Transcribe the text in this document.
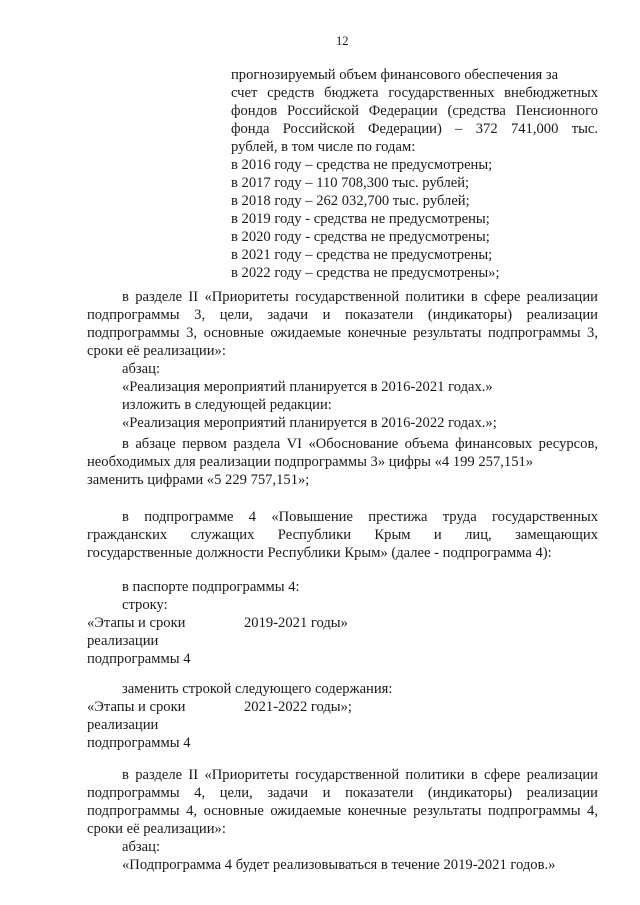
12
прогнозируемый объем финансового обеспечения за
счет средств бюджета государственных внебюджетных
фондов Российской Федерации (средства Пенсионного
фонда Российской Федерации) – 372 741,000 тыс.
рублей, в том числе по годам:
в 2016 году – средства не предусмотрены;
в 2017 году – 110 708,300 тыс. рублей;
в 2018 году – 262 032,700 тыс. рублей;
в 2019 году - средства не предусмотрены;
в 2020 году - средства не предусмотрены;
в 2021 году – средства не предусмотрены;
в 2022 году – средства не предусмотрены»;
в разделе II «Приоритеты государственной политики в сфере реализации
подпрограммы 3, цели, задачи и показатели (индикаторы) реализации
подпрограммы 3, основные ожидаемые конечные результаты подпрограммы 3,
сроки её реализации»:
абзац:
«Реализация мероприятий планируется в 2016-2021 годах.»
изложить в следующей редакции:
«Реализация мероприятий планируется в 2016-2022 годах.»;
в абзаце первом раздела VI «Обоснование объема финансовых ресурсов,
необходимых для реализации подпрограммы 3» цифры «4 199 257,151»
заменить цифрами «5 229 757,151»;
в подпрограмме 4 «Повышение престижа труда государственных
гражданских служащих Республики Крым и лиц, замещающих
государственные должности Республики Крым» (далее - подпрограмма 4):
в паспорте подпрограммы 4:
строку:
«Этапы и сроки	2019-2021 годы»
реализации
подпрограммы 4
заменить строкой следующего содержания:
«Этапы и сроки	2021-2022 годы»;
реализации
подпрограммы 4
в разделе II «Приоритеты государственной политики в сфере реализации
подпрограммы 4, цели, задачи и показатели (индикаторы) реализации
подпрограммы 4, основные ожидаемые конечные результаты подпрограммы 4,
сроки её реализации»:
абзац:
«Подпрограмма 4 будет реализовываться в течение 2019-2021 годов.»
